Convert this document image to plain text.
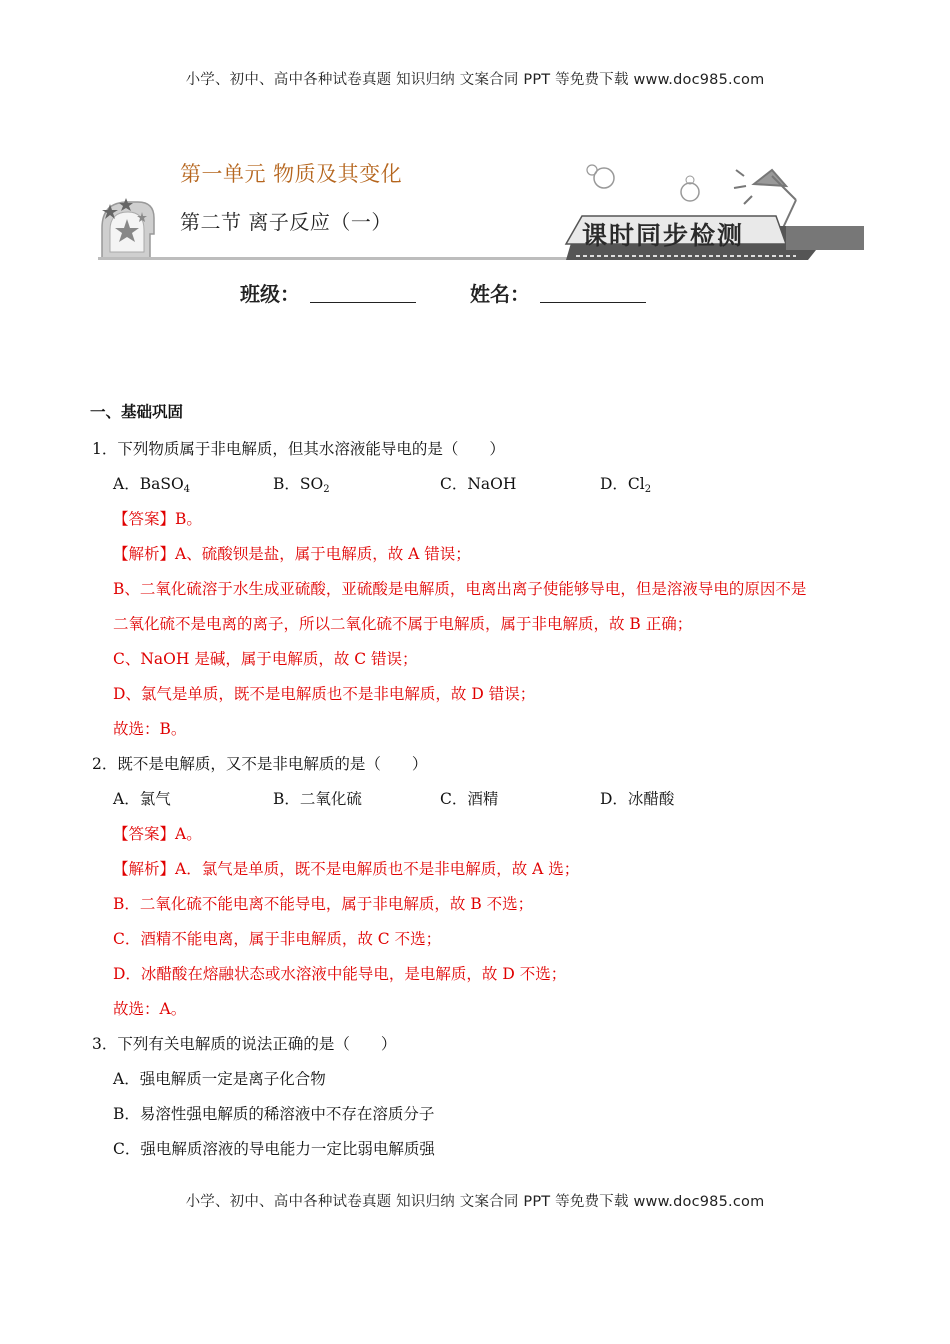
小学、初中、高中各种试卷真题 知识归纳 文案合同 PPT 等免费下载 www.doc985.com
第一单元 物质及其变化
第二节 离子反应（一）	课时同步检测
班级：	姓名：
一、基础巩固
1．下列物质属于非电解质，但其水溶液能导电的是（　　）
A．BaSO$_4$	B．$SO_2$	C．NaOH	D．$Cl_2$
【答案】B。
【解析】A、硫酸钡是盐，属于电解质，故 A 错误；
B、二氧化硫溶于水生成亚硫酸，亚硫酸是电解质，电离出离子使能够导电，但是溶液导电的原因不是
二氧化硫不是电离的离子，所以二氧化硫不属于电解质，属于非电解质，故 B 正确；
C、NaOH 是碱，属于电解质，故 C 错误；
D、氯气是单质，既不是电解质也不是非电解质，故 D 错误；
故选：B。
2．既不是电解质，又不是非电解质的是（　　）
A．氯气	B．二氧化硫	C．酒精	D．冰醋酸
【答案】A。
【解析】A．氯气是单质，既不是电解质也不是非电解质，故 A 选；
B．二氧化硫不能电离不能导电，属于非电解质，故 B 不选；
C．酒精不能电离，属于非电解质，故 C 不选；
D．冰醋酸在熔融状态或水溶液中能导电，是电解质，故 D 不选；
故选：A。
3．下列有关电解质的说法正确的是（　　）
A．强电解质一定是离子化合物
B．易溶性强电解质的稀溶液中不存在溶质分子
C．强电解质溶液的导电能力一定比弱电解质强
小学、初中、高中各种试卷真题 知识归纳 文案合同 PPT 等免费下载 www.doc985.com
